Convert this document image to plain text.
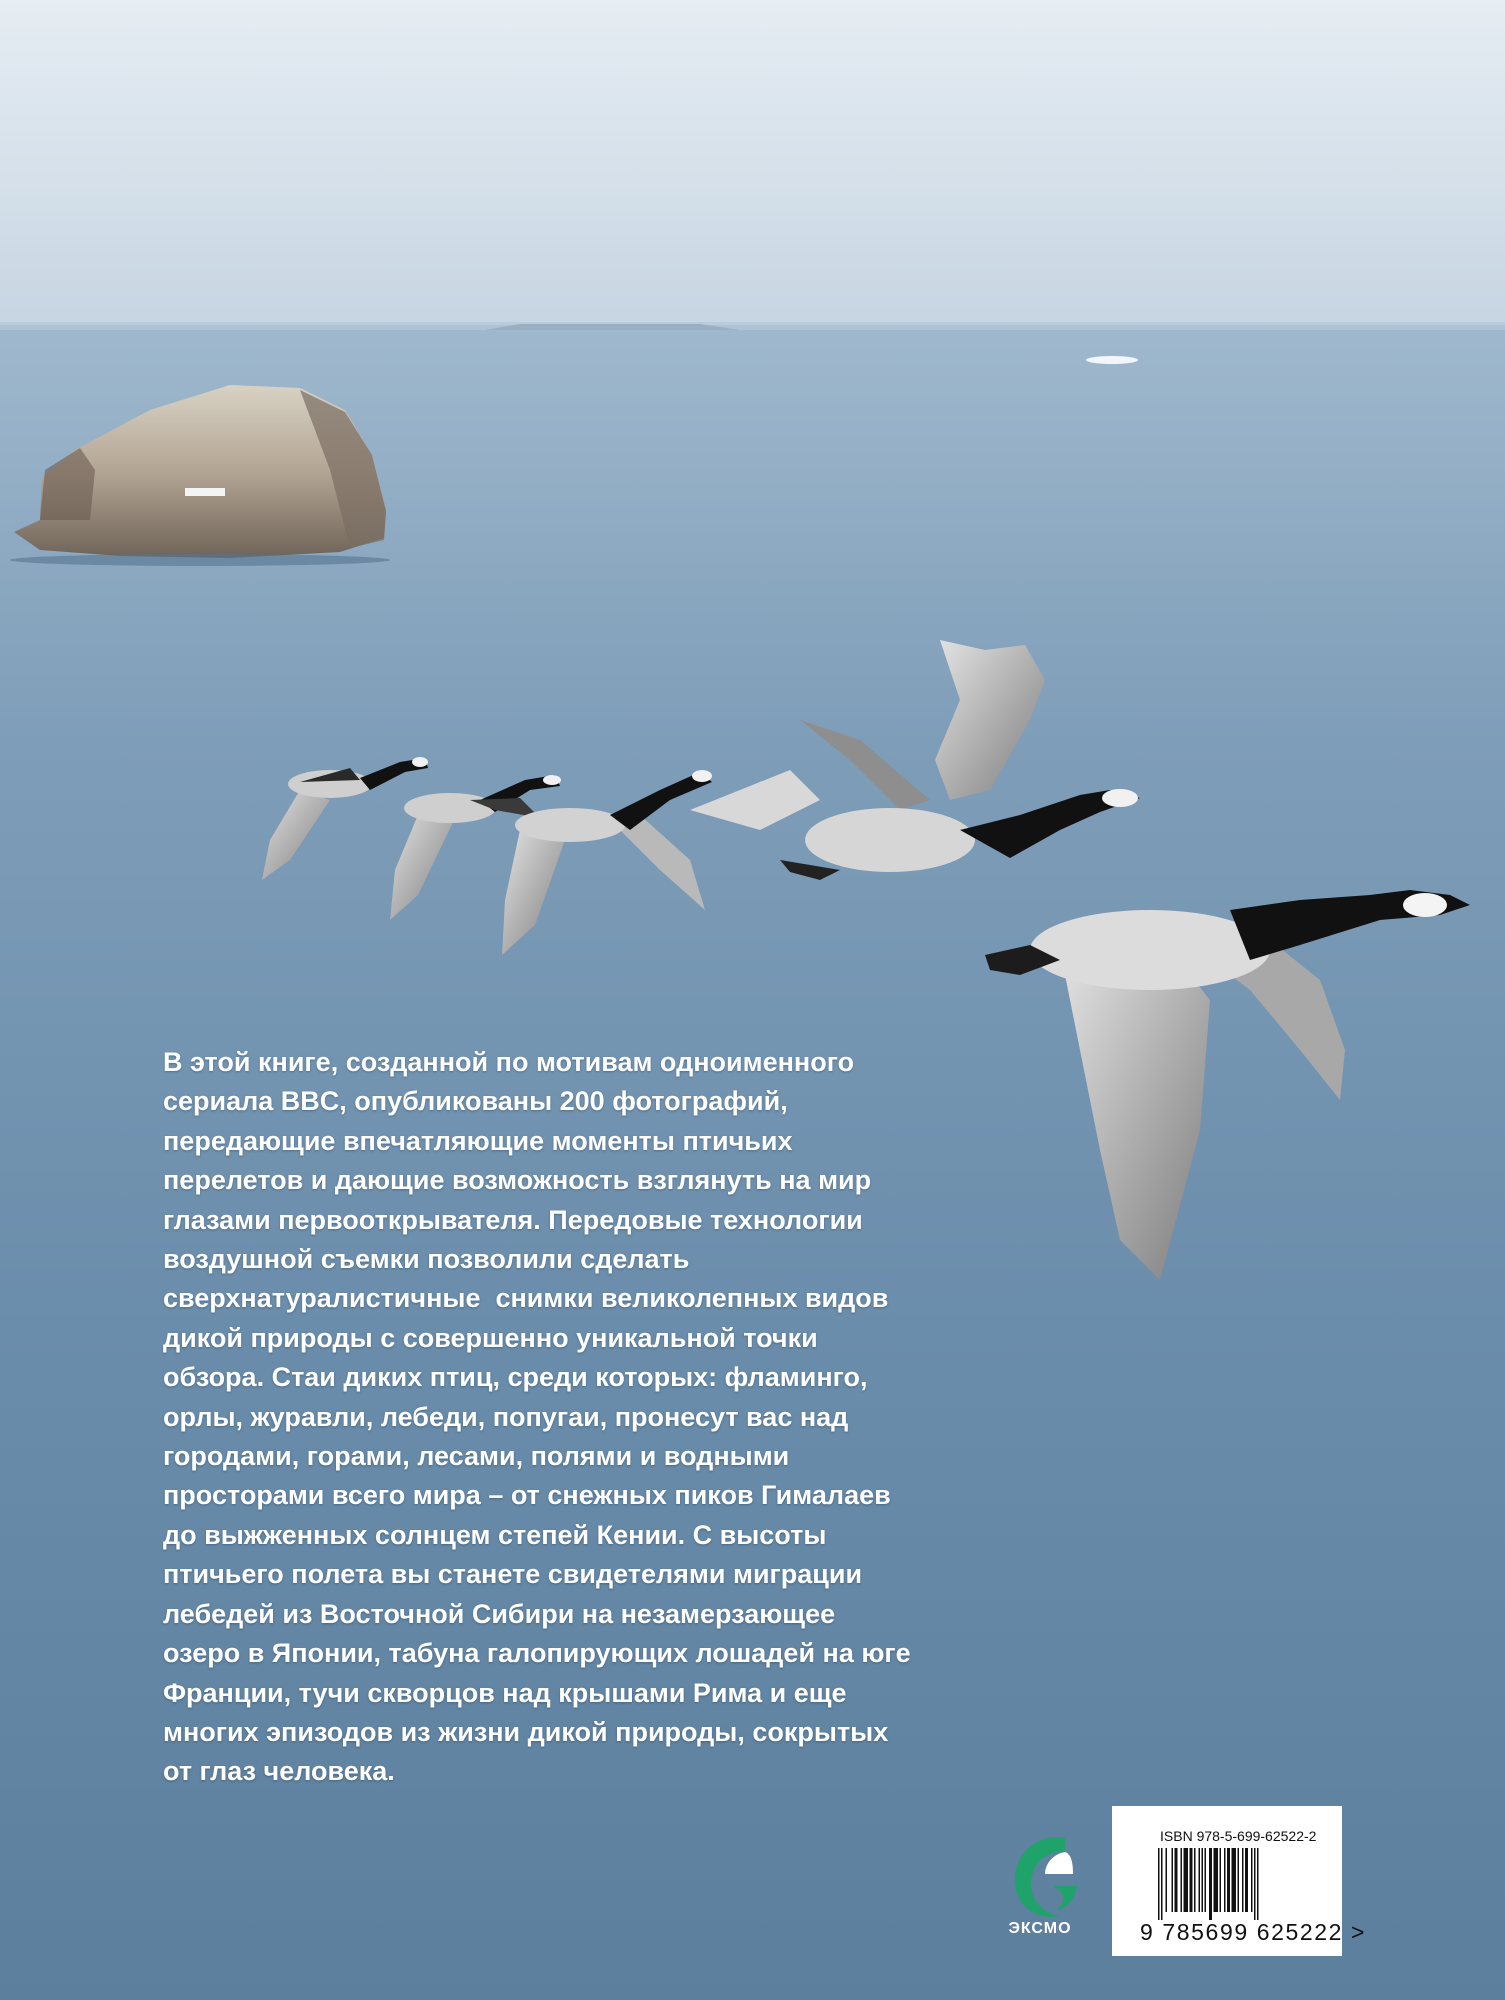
В этой книге, созданной по мотивам одноименного
сериала BBC, опубликованы 200 фотографий,
передающие впечатляющие моменты птичьих
перелетов и дающие возможность взглянуть на мир
глазами первооткрывателя. Передовые технологии
воздушной съемки позволили сделать
сверхнатуралистичные  снимки великолепных видов
дикой природы с совершенно уникальной точки
обзора. Стаи диких птиц, среди которых: фламинго,
орлы, журавли, лебеди, попугаи, пронесут вас над
городами, горами, лесами, полями и водными
просторами всего мира – от снежных пиков Гималаев
до выжженных солнцем степей Кении. С высоты
птичьего полета вы станете свидетелями миграции
лебедей из Восточной Сибири на незамерзающее
озеро в Японии, табуна галопирующих лошадей на юге
Франции, тучи скворцов над крышами Рима и еще
многих эпизодов из жизни дикой природы, сокрытых
от глаз человека.
ЭКСМО
ISBN 978-5-699-62522-2
9 785699 625222 >
